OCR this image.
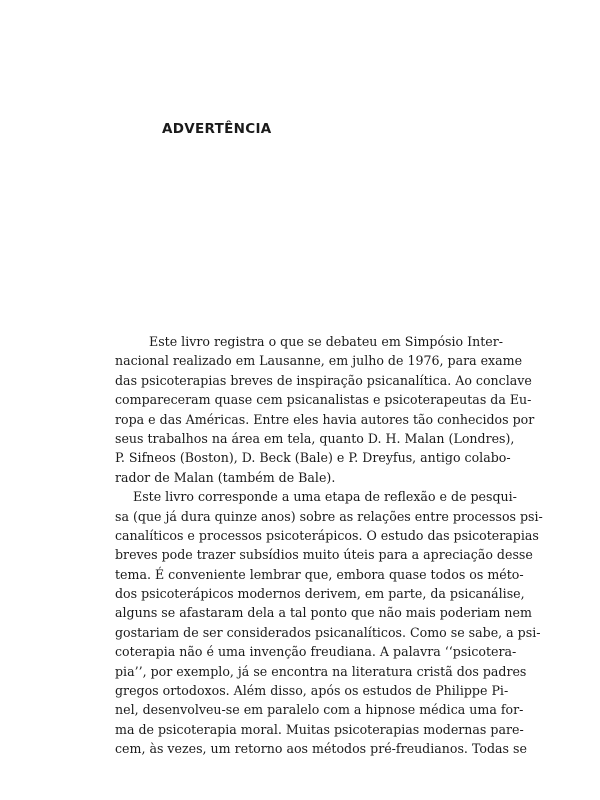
ADVERTÊNCIA
Este livro registra o que se debateu em Simpósio Inter-
nacional realizado em Lausanne, em julho de 1976, para exame
das psicoterapias breves de inspiração psicanalítica. Ao conclave
compareceram quase cem psicanalistas e psicoterapeutas da Eu-
ropa e das Américas. Entre eles havia autores tão conhecidos por
seus trabalhos na área em tela, quanto D. H. Malan (Londres),
P. Sifneos (Boston), D. Beck (Bale) e P. Dreyfus, antigo colabo-
rador de Malan (também de Bale).
Este livro corresponde a uma etapa de reflexão e de pesqui-
sa (que já dura quinze anos) sobre as relações entre processos psi-
canalíticos e processos psicoterápicos. O estudo das psicoterapias
breves pode trazer subsídios muito úteis para a apreciação desse
tema. É conveniente lembrar que, embora quase todos os méto-
dos psicoterápicos modernos derivem, em parte, da psicanálise,
alguns se afastaram dela a tal ponto que não mais poderiam nem
gostariam de ser considerados psicanalíticos. Como se sabe, a psi-
coterapia não é uma invenção freudiana. A palavra ‘‘psicotera-
pia’’, por exemplo, já se encontra na literatura cristã dos padres
gregos ortodoxos. Além disso, após os estudos de Philippe Pi-
nel, desenvolveu-se em paralelo com a hipnose médica uma for-
ma de psicoterapia moral. Muitas psicoterapias modernas pare-
cem, às vezes, um retorno aos métodos pré-freudianos. Todas se
